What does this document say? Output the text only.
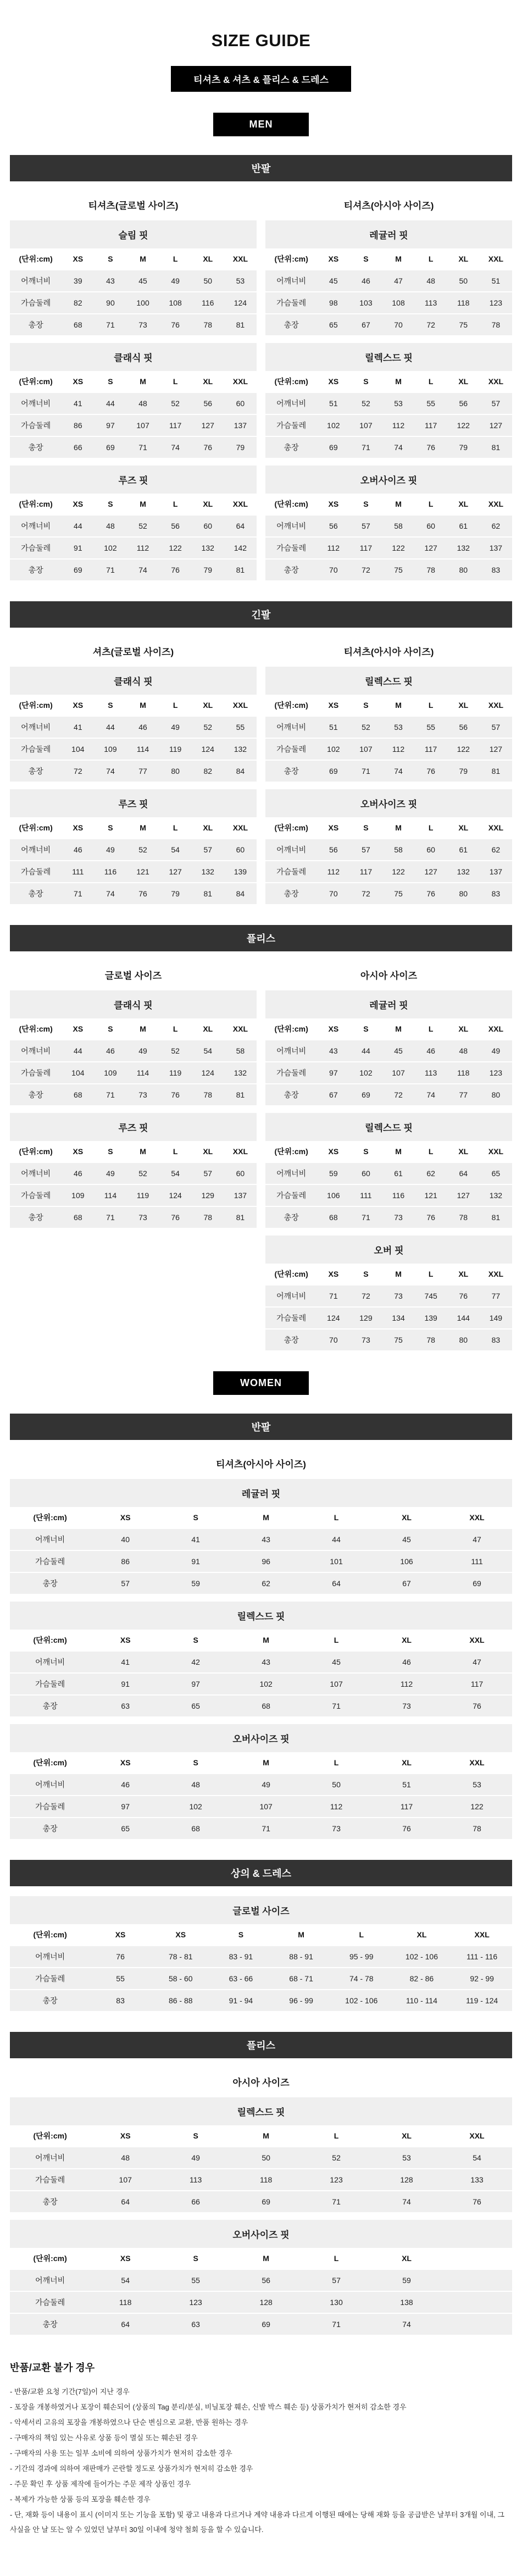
SIZE GUIDE
티셔츠 & 셔츠 & 플리스 & 드레스
MEN
반팔
티셔츠(글로벌 사이즈)
슬림 핏
(단위:cm)	XS	S	M	L	XL	XXL
어깨너비	39	43	45	49	50	53
가슴둘레	82	90	100	108	116	124
총장	68	71	73	76	78	81
클래식 핏
(단위:cm)	XS	S	M	L	XL	XXL
어깨너비	41	44	48	52	56	60
가슴둘레	86	97	107	117	127	137
총장	66	69	71	74	76	79
루즈 핏
(단위:cm)	XS	S	M	L	XL	XXL
어깨너비	44	48	52	56	60	64
가슴둘레	91	102	112	122	132	142
총장	69	71	74	76	79	81
티셔츠(아시아 사이즈)
레귤러 핏
(단위:cm)	XS	S	M	L	XL	XXL
어깨너비	45	46	47	48	50	51
가슴둘레	98	103	108	113	118	123
총장	65	67	70	72	75	78
릴렉스드 핏
(단위:cm)	XS	S	M	L	XL	XXL
어깨너비	51	52	53	55	56	57
가슴둘레	102	107	112	117	122	127
총장	69	71	74	76	79	81
오버사이즈 핏
(단위:cm)	XS	S	M	L	XL	XXL
어깨너비	56	57	58	60	61	62
가슴둘레	112	117	122	127	132	137
총장	70	72	75	78	80	83
긴팔
셔츠(글로벌 사이즈)
클래식 핏
(단위:cm)	XS	S	M	L	XL	XXL
어깨너비	41	44	46	49	52	55
가슴둘레	104	109	114	119	124	132
총장	72	74	77	80	82	84
루즈 핏
(단위:cm)	XS	S	M	L	XL	XXL
어깨너비	46	49	52	54	57	60
가슴둘레	111	116	121	127	132	139
총장	71	74	76	79	81	84
티셔츠(아시아 사이즈)
릴렉스드 핏
(단위:cm)	XS	S	M	L	XL	XXL
어깨너비	51	52	53	55	56	57
가슴둘레	102	107	112	117	122	127
총장	69	71	74	76	79	81
오버사이즈 핏
(단위:cm)	XS	S	M	L	XL	XXL
어깨너비	56	57	58	60	61	62
가슴둘레	112	117	122	127	132	137
총장	70	72	75	76	80	83
플리스
글로벌 사이즈
클래식 핏
(단위:cm)	XS	S	M	L	XL	XXL
어깨너비	44	46	49	52	54	58
가슴둘레	104	109	114	119	124	132
총장	68	71	73	76	78	81
루즈 핏
(단위:cm)	XS	S	M	L	XL	XXL
어깨너비	46	49	52	54	57	60
가슴둘레	109	114	119	124	129	137
총장	68	71	73	76	78	81
아시아 사이즈
레귤러 핏
(단위:cm)	XS	S	M	L	XL	XXL
어깨너비	43	44	45	46	48	49
가슴둘레	97	102	107	113	118	123
총장	67	69	72	74	77	80
릴렉스드 핏
(단위:cm)	XS	S	M	L	XL	XXL
어깨너비	59	60	61	62	64	65
가슴둘레	106	111	116	121	127	132
총장	68	71	73	76	78	81
오버 핏
(단위:cm)	XS	S	M	L	XL	XXL
어깨너비	71	72	73	745	76	77
가슴둘레	124	129	134	139	144	149
총장	70	73	75	78	80	83
WOMEN
반팔
티셔츠(아시아 사이즈)
레귤러 핏
(단위:cm)	XS	S	M	L	XL	XXL
어깨너비	40	41	43	44	45	47
가슴둘레	86	91	96	101	106	111
총장	57	59	62	64	67	69
릴렉스드 핏
(단위:cm)	XS	S	M	L	XL	XXL
어깨너비	41	42	43	45	46	47
가슴둘레	91	97	102	107	112	117
총장	63	65	68	71	73	76
오버사이즈 핏
(단위:cm)	XS	S	M	L	XL	XXL
어깨너비	46	48	49	50	51	53
가슴둘레	97	102	107	112	117	122
총장	65	68	71	73	76	78
상의 & 드레스
글로벌 사이즈
(단위:cm)	XS	XS	S	M	L	XL	XXL
어깨너비	76	78 - 81	83 - 91	88 - 91	95 - 99	102 - 106	111 - 116
가슴둘레	55	58 - 60	63 - 66	68 - 71	74 - 78	82 - 86	92 - 99
총장	83	86 - 88	91 - 94	96 - 99	102 - 106	110 - 114	119 - 124
플리스
아시아 사이즈
릴렉스드 핏
(단위:cm)	XS	S	M	L	XL	XXL
어깨너비	48	49	50	52	53	54
가슴둘레	107	113	118	123	128	133
총장	64	66	69	71	74	76
오버사이즈 핏
(단위:cm)	XS	S	M	L	XL	
어깨너비	54	55	56	57	59	
가슴둘레	118	123	128	130	138	
총장	64	63	69	71	74	
반품/교환 불가 경우
- 반품/교환 요청 기간(7일)이 지난 경우
- 포장을 개봉하였거나 포장이 훼손되어 (상품의 Tag 분리/분실, 비닐포장 훼손, 신발 박스 훼손 등) 상품가치가 현저히 감소한 경우
- 악세서리 고유의 포장을 개봉하였으나 단순 변심으로 교환, 반품 원하는 경우
- 구매자의 책임 있는 사유로 상품 등이 멸실 또는 훼손된 경우
- 구매자의 사용 또는 일부 소비에 의하여 상품가치가 현저히 감소한 경우
- 기간의 경과에 의하여 재판매가 곤란할 정도로 상품가치가 현저히 감소한 경우
- 주문 확인 후 상품 제작에 들어가는 주문 제작 상품인 경우
- 복제가 가능한 상품 등의 포장을 훼손한 경우
- 단, 재화 등이 내용이 표시 (이미지 또는 기능을 포함) 및 광고 내용과 다르거나 계약 내용과 다르게 이행된 때에는 당해 재화 등을 공급받은 날부터 3개월 이내, 그 사실을 안 날 또는 알 수 있었던 날부터 30일 이내에 청약 철회 등을 할 수 있습니다.
